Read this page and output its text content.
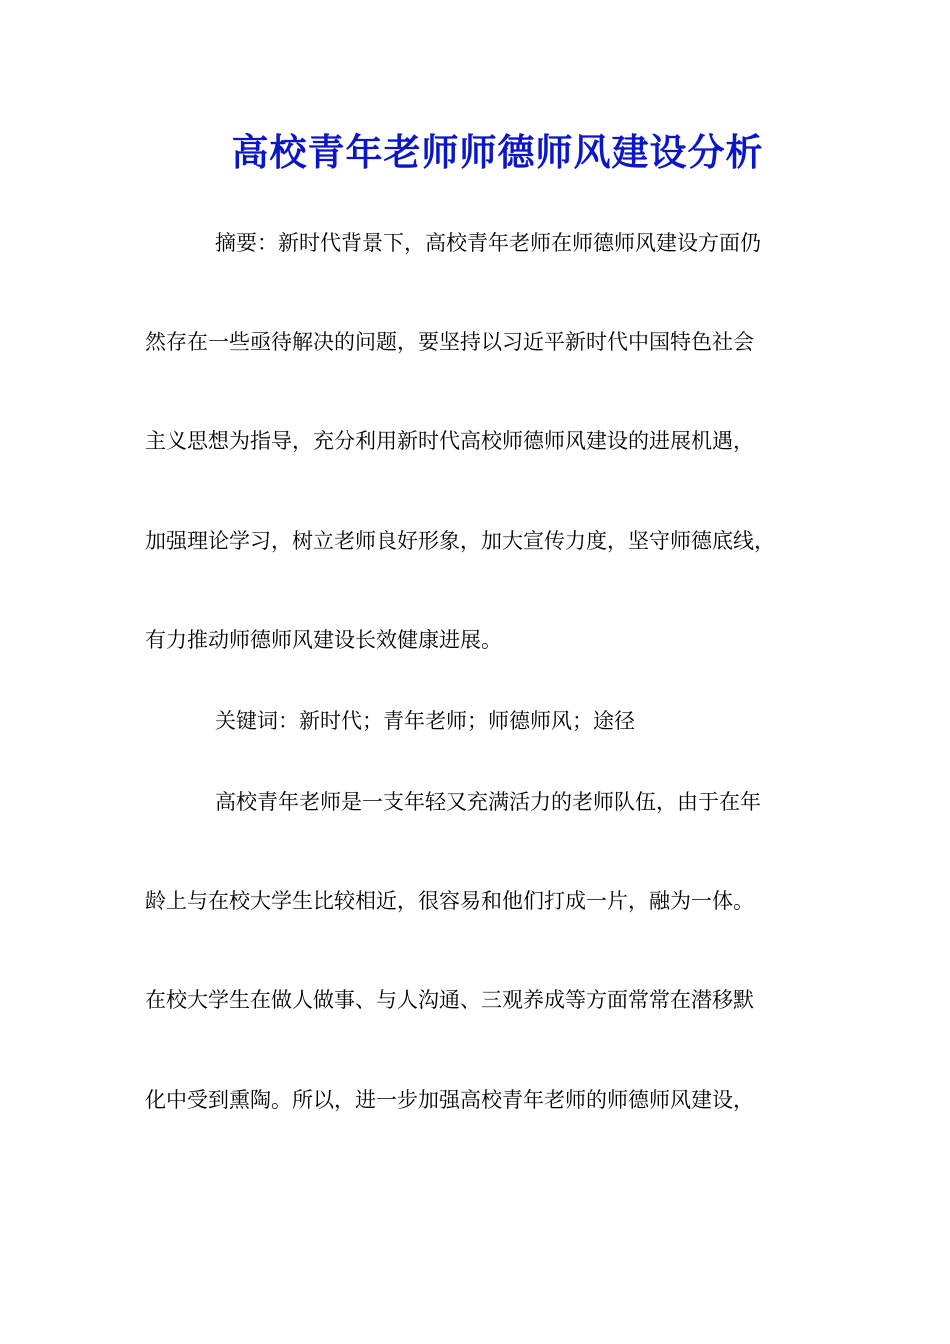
高校青年老师师德师风建设分析
摘要：新时代背景下，高校青年老师在师德师风建设方面仍
然存在一些亟待解决的问题，要坚持以习近平新时代中国特色社会
主义思想为指导，充分利用新时代高校师德师风建设的进展机遇，
加强理论学习，树立老师良好形象，加大宣传力度，坚守师德底线，
有力推动师德师风建设长效健康进展。
关键词：新时代；青年老师；师德师风；途径
高校青年老师是一支年轻又充满活力的老师队伍，由于在年
龄上与在校大学生比较相近，很容易和他们打成一片，融为一体。
在校大学生在做人做事、与人沟通、三观养成等方面常常在潜移默
化中受到熏陶。所以，进一步加强高校青年老师的师德师风建设，
